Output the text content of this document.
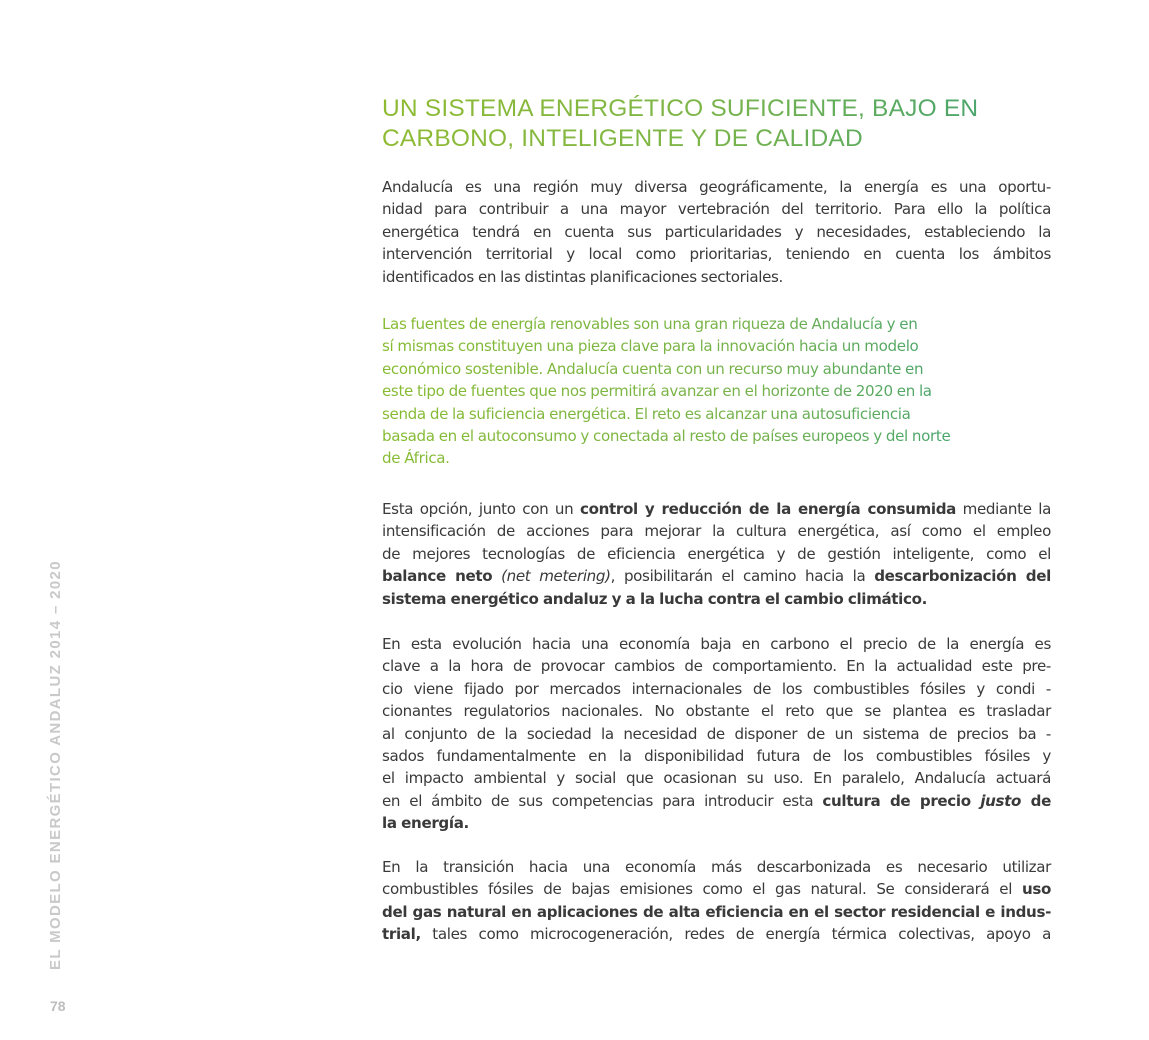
UN SISTEMA ENERGÉTICO SUFICIENTE, BAJO EN
CARBONO, INTELIGENTE Y DE CALIDAD
Andalucía es una región muy diversa geográficamente, la energía es una oportu-
nidad para contribuir a una mayor vertebración del territorio. Para ello la política
energética tendrá en cuenta sus particularidades y necesidades, estableciendo la
intervención territorial y local como prioritarias, teniendo en cuenta los ámbitos
identificados en las distintas planificaciones sectoriales.
Las fuentes de energía renovables son una gran riqueza de Andalucía y en
sí mismas constituyen una pieza clave para la innovación hacia un modelo
económico sostenible. Andalucía cuenta con un recurso muy abundante en
este tipo de fuentes que nos permitirá avanzar en el horizonte de 2020 en la
senda de la suficiencia energética. El reto es alcanzar una autosuficiencia
basada en el autoconsumo y conectada al resto de países europeos y del norte
de África.
Esta opción, junto con un control y reducción de la energía consumida mediante la
intensificación de acciones para mejorar la cultura energética, así como el empleo
de mejores tecnologías de eficiencia energética y de gestión inteligente, como el
balance neto (net metering), posibilitarán el camino hacia la descarbonización del
sistema energético andaluz y a la lucha contra el cambio climático.
En esta evolución hacia una economía baja en carbono el precio de la energía es
clave a la hora de provocar cambios de comportamiento. En la actualidad este pre-
cio viene fijado por mercados internacionales de los combustibles fósiles y condi -
cionantes regulatorios nacionales. No obstante el reto que se plantea es trasladar
al conjunto de la sociedad la necesidad de disponer de un sistema de precios ba -
sados fundamentalmente en la disponibilidad futura de los combustibles fósiles y
el impacto ambiental y social que ocasionan su uso. En paralelo, Andalucía actuará
en el ámbito de sus competencias para introducir esta cultura de precio justo de
la energía.
En la transición hacia una economía más descarbonizada es necesario utilizar
combustibles fósiles de bajas emisiones como el gas natural. Se considerará el uso
del gas natural en aplicaciones de alta eficiencia en el sector residencial e indus-
trial, tales como microcogeneración, redes de energía térmica colectivas, apoyo a
EL MODELO ENERGÉTICO ANDALUZ 2014 – 2020
78
